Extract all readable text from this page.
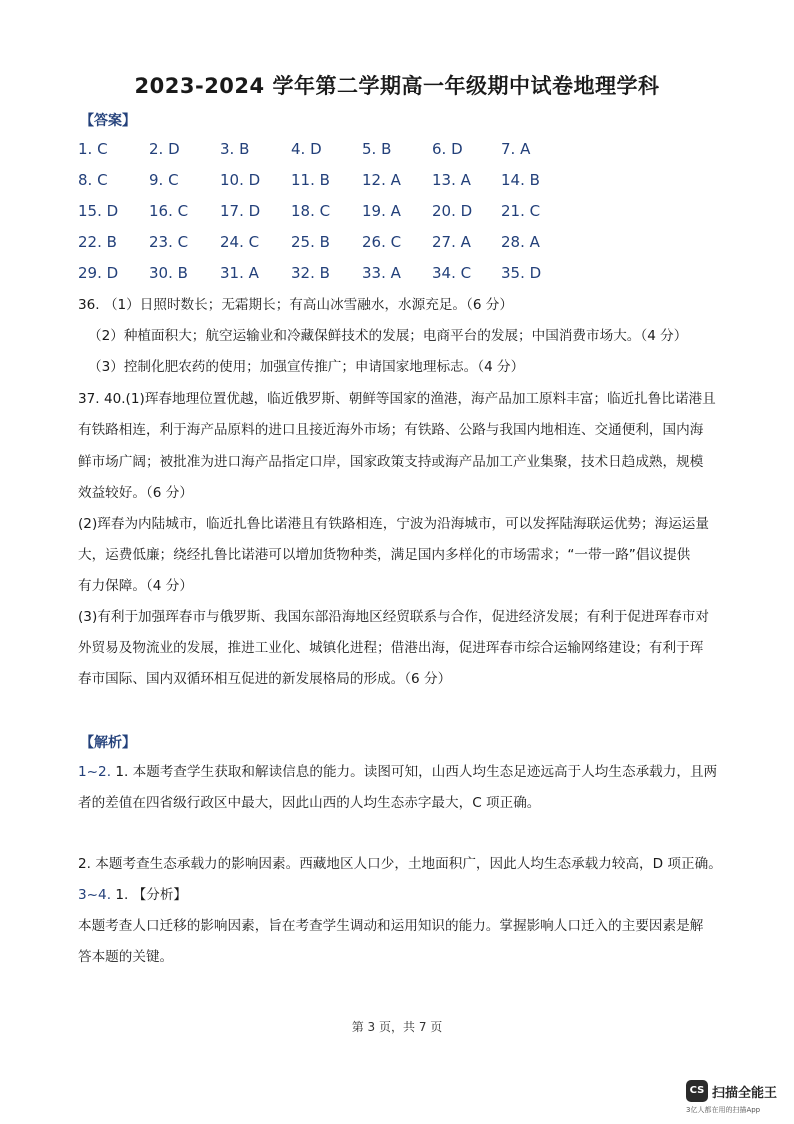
2023-2024 学年第二学期高一年级期中试卷地理学科
【答案】
1. C	2. D	3. B	4. D	5. B	6. D	7. A
8. C	9. C	10. D 11. B 12. A 13. A 14. B
15. D 16. C 17. D 18. C 19. A 20. D 21. C
22. B 23. C 24. C 25. B 26. C 27. A 28. A
29. D 30. B 31. A 32. B 33. A 34. C 35. D
36. （1）日照时数长；无霜期长；有高山冰雪融水，水源充足。（6 分）
（2）种植面积大；航空运输业和冷藏保鲜技术的发展；电商平台的发展；中国消费市场大。（4 分）
（3）控制化肥农药的使用；加强宣传推广；申请国家地理标志。（4 分）
37. 40.(1)珲春地理位置优越，临近俄罗斯、朝鲜等国家的渔港，海产品加工原料丰富；临近扎鲁比诺港且
有铁路相连，利于海产品原料的进口且接近海外市场；有铁路、公路与我国内地相连、交通便利，国内海
鲜市场广阔；被批准为进口海产品指定口岸，国家政策支持或海产品加工产业集聚，技术日趋成熟，规模
效益较好。（6 分）
(2)珲春为内陆城市，临近扎鲁比诺港且有铁路相连，宁波为沿海城市，可以发挥陆海联运优势；海运运量
大，运费低廉；绕经扎鲁比诺港可以增加货物种类，满足国内多样化的市场需求；“一带一路”倡议提供
有力保障。（4 分）
(3)有利于加强珲春市与俄罗斯、我国东部沿海地区经贸联系与合作，促进经济发展；有利于促进珲春市对
外贸易及物流业的发展，推进工业化、城镇化进程；借港出海，促进珲春市综合运输网络建设；有利于珲
春市国际、国内双循环相互促进的新发展格局的形成。（6 分）
【解析】
1~2. 1. 本题考查学生获取和解读信息的能力。读图可知，山西人均生态足迹远高于人均生态承载力，且两
者的差值在四省级行政区中最大，因此山西的人均生态赤字最大，C 项正确。
2. 本题考查生态承载力的影响因素。西藏地区人口少，土地面积广，因此人均生态承载力较高，D 项正确。
3~4. 1. 【分析】
本题考查人口迁移的影响因素，旨在考查学生调动和运用知识的能力。掌握影响人口迁入的主要因素是解
答本题的关键。
第 3 页，共 7 页
CS 扫描全能王
3亿人都在用的扫描App
